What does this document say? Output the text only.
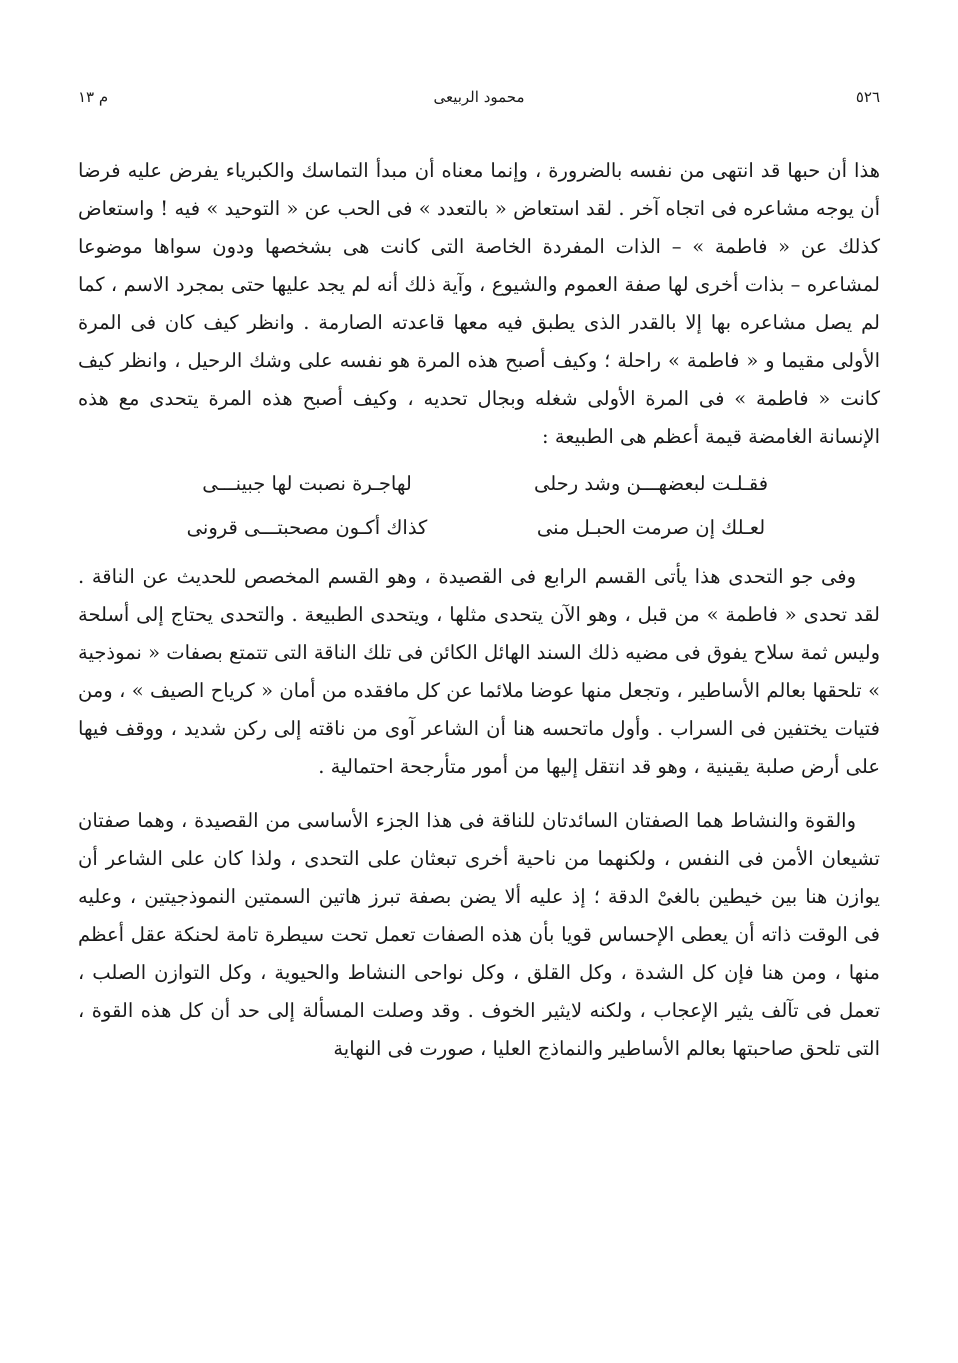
٥٢٦
محمود الربيعى
م ١٣

هذا أن حبها قد انتهى من نفسه بالضرورة ، وإنما معناه أن مبدأ التماسك والكبرياء يفرض عليه فرضا أن يوجه مشاعره فى اتجاه آخر . لقد استعاض « بالتعدد » فى الحب عن « التوحيد » فيه ! واستعاض كذلك عن « فاطمة » – الذات المفردة الخاصة التى كانت هى بشخصها ودون سواها موضوعا لمشاعره – بذات أخرى لها صفة العموم والشيوع ، وآية ذلك أنه لم يجد عليها حتى بمجرد الاسم ، كما لم يصل مشاعره بها إلا بالقدر الذى يطبق فيه معها قاعدته الصارمة . وانظر كيف كان فى المرة الأولى مقيما و « فاطمة » راحلة ؛ وكيف أصبح هذه المرة هو نفسه على وشك الرحيل ، وانظر كيف كانت « فاطمة » فى المرة الأولى شغله وبجال تحديه ، وكيف أصبح هذه المرة يتحدى مع هذه الإنسانة الغامضة قيمة أعظم هى الطبيعة :

فقـلـت لبعضهـــن وشد رحلى
لهاجـرة نصبت لها جبينـــى
لعـلك إن صرمت الحبـل منى
كذاك أكـون مصحبتـــى قرونى

وفى جو التحدى هذا يأتى القسم الرابع فى القصيدة ، وهو القسم المخصص للحديث عن الناقة . لقد تحدى « فاطمة » من قبل ، وهو الآن يتحدى مثلها ، ويتحدى الطبيعة . والتحدى يحتاج إلى أسلحة وليس ثمة سلاح يفوق فى مضيه ذلك السند الهائل الكائن فى تلك الناقة التى تتمتع بصفات « نموذجية » تلحقها بعالم الأساطير ، وتجعل منها عوضا ملائما عن كل مافقده من أمان « كرياح الصيف » ، ومن فتيات يختفين فى السراب . وأول ماتحسه هنا أن الشاعر آوى من ناقته إلى ركن شديد ، ووقف فيها على أرض صلبة يقينية ، وهو قد انتقل إليها من أمور متأرجحة احتمالية .

والقوة والنشاط هما الصفتان السائدتان للناقة فى هذا الجزء الأساسى من القصيدة ، وهما صفتان تشيعان الأمن فى النفس ، ولكنهما من ناحية أخرى تبعثان على التحدى ، ولذا كان على الشاعر أن يوازن هنا بين خيطين بالغىْ الدقة ؛ إذ عليه ألا يضن بصفة تبرز هاتين السمتين النموذجيتين ، وعليه فى الوقت ذاته أن يعطى الإحساس قويا بأن هذه الصفات تعمل تحت سيطرة تامة لحنكة عقل أعظم منها ، ومن هنا فإن كل الشدة ، وكل القلق ، وكل نواحى النشاط والحيوية ، وكل التوازن الصلب ، تعمل فى تآلف يثير الإعجاب ، ولكنه لايثير الخوف . وقد وصلت المسألة إلى حد أن كل هذه القوة ، التى تلحق صاحبتها بعالم الأساطير والنماذج العليا ، صورت فى النهاية
